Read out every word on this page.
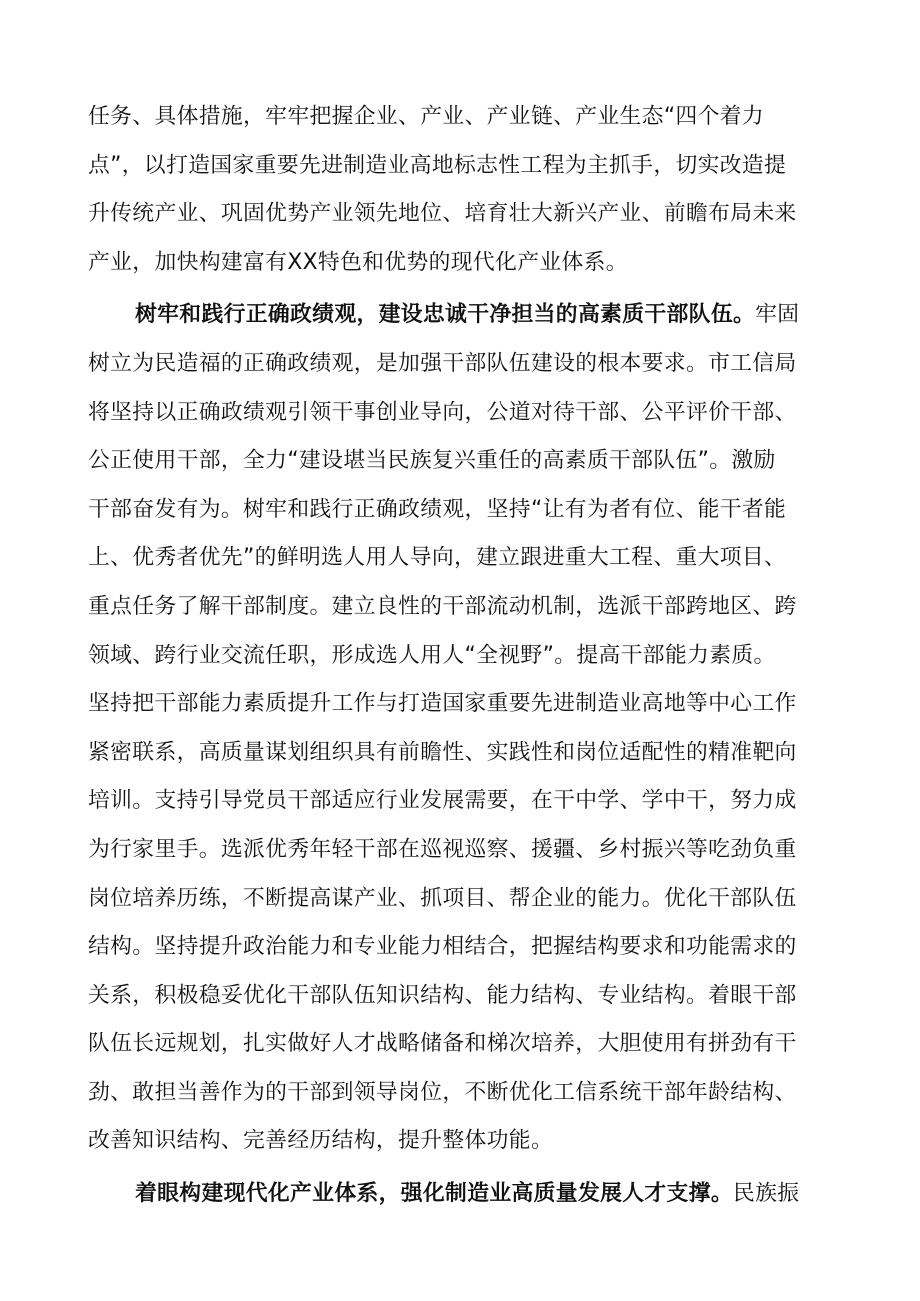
任务、具体措施，牢牢把握企业、产业、产业链、产业生态“四个着力
点”，以打造国家重要先进制造业高地标志性工程为主抓手，切实改造提
升传统产业、巩固优势产业领先地位、培育壮大新兴产业、前瞻布局未来
产业，加快构建富有XX特色和优势的现代化产业体系。
树牢和践行正确政绩观，建设忠诚干净担当的高素质干部队伍。牢固
树立为民造福的正确政绩观，是加强干部队伍建设的根本要求。市工信局
将坚持以正确政绩观引领干事创业导向，公道对待干部、公平评价干部、
公正使用干部，全力“建设堪当民族复兴重任的高素质干部队伍”。激励
干部奋发有为。树牢和践行正确政绩观，坚持“让有为者有位、能干者能
上、优秀者优先”的鲜明选人用人导向，建立跟进重大工程、重大项目、
重点任务了解干部制度。建立良性的干部流动机制，选派干部跨地区、跨
领域、跨行业交流任职，形成选人用人“全视野”。提高干部能力素质。
坚持把干部能力素质提升工作与打造国家重要先进制造业高地等中心工作
紧密联系，高质量谋划组织具有前瞻性、实践性和岗位适配性的精准靶向
培训。支持引导党员干部适应行业发展需要，在干中学、学中干，努力成
为行家里手。选派优秀年轻干部在巡视巡察、援疆、乡村振兴等吃劲负重
岗位培养历练，不断提高谋产业、抓项目、帮企业的能力。优化干部队伍
结构。坚持提升政治能力和专业能力相结合，把握结构要求和功能需求的
关系，积极稳妥优化干部队伍知识结构、能力结构、专业结构。着眼干部
队伍长远规划，扎实做好人才战略储备和梯次培养，大胆使用有拼劲有干
劲、敢担当善作为的干部到领导岗位，不断优化工信系统干部年龄结构、
改善知识结构、完善经历结构，提升整体功能。
着眼构建现代化产业体系，强化制造业高质量发展人才支撑。民族振
